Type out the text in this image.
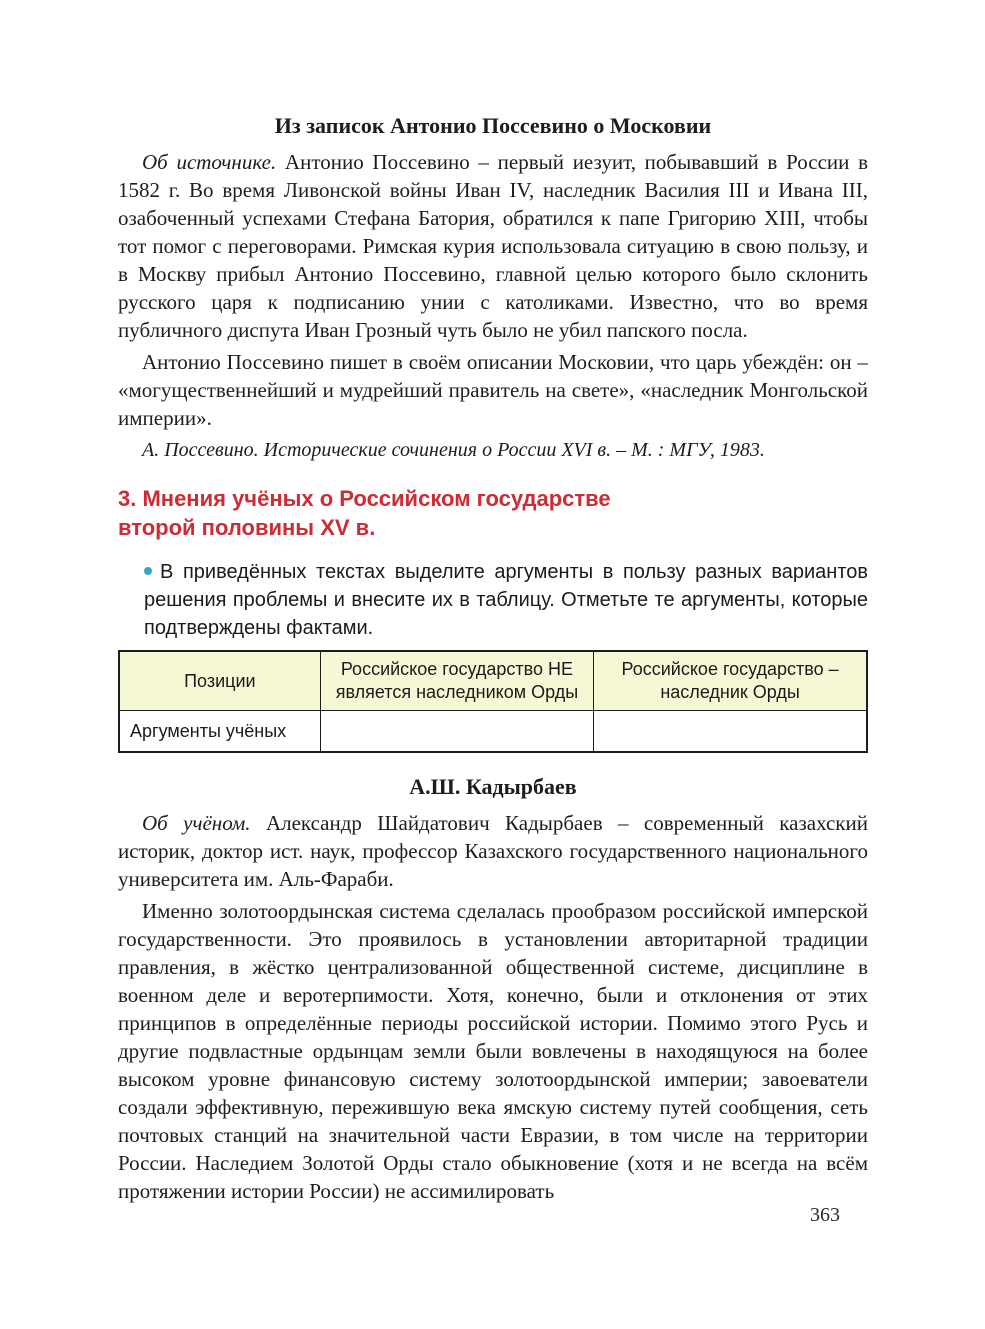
Из записок Антонио Поссевино о Московии

Об источнике. Антонио Поссевино – первый иезуит, побывавший в России в 1582 г. Во время Ливонской войны Иван IV, наследник Василия III и Ивана III, озабоченный успехами Стефана Батория, обратился к папе Григорию XIII, чтобы тот помог с переговорами. Римская курия использовала ситуацию в свою пользу, и в Москву прибыл Антонио Поссевино, главной целью которого было склонить русского царя к подписанию унии с католиками. Известно, что во время публичного диспута Иван Грозный чуть было не убил папского посла.

Антонио Поссевино пишет в своём описании Московии, что царь убеждён: он – «могущественнейший и мудрейший правитель на свете», «наследник Монгольской империи».

А. Поссевино. Исторические сочинения о России XVI в. – М. : МГУ, 1983.

3. Мнения учёных о Российском государстве
второй половины XV в.

В приведённых текстах выделите аргументы в пользу разных вариантов решения проблемы и внесите их в таблицу. Отметьте те аргументы, которые подтверждены фактами.

Позиции	Российское государство НЕ является наследником Орды	Российское государство – наследник Орды
Аргументы учёных		
А.Ш. Кадырбаев

Об учёном. Александр Шайдатович Кадырбаев – современный казахский историк, доктор ист. наук, профессор Казахского государственного национального университета им. Аль-Фараби.

Именно золотоордынская система сделалась прообразом российской имперской государственности. Это проявилось в установлении авторитарной традиции правления, в жёстко централизованной общественной системе, дисциплине в военном деле и веротерпимости. Хотя, конечно, были и отклонения от этих принципов в определённые периоды российской истории. Помимо этого Русь и другие подвластные ордынцам земли были вовлечены в находящуюся на более высоком уровне финансовую систему золотоордынской империи; завоеватели создали эффективную, пережившую века ямскую систему путей сообщения, сеть почтовых станций на значительной части Евразии, в том числе на территории России. Наследием Золотой Орды стало обыкновение (хотя и не всегда на всём протяжении истории России) не ассимилировать

363
